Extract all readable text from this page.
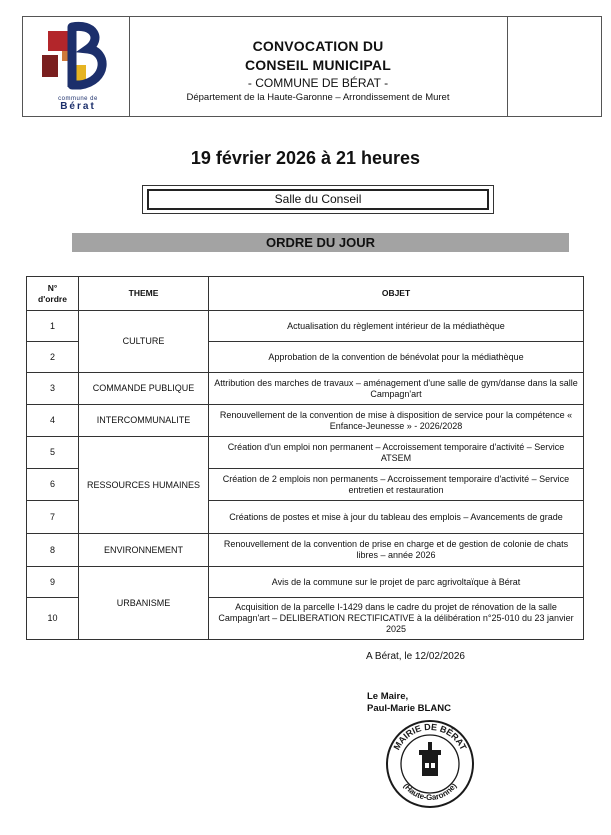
commune de
Bérat
CONVOCATION DU
CONSEIL MUNICIPAL
- COMMUNE DE BÉRAT -
Département de la Haute-Garonne – Arrondissement de Muret
19 février 2026 à 21 heures
Salle du Conseil
ORDRE DU JOUR
N°
d'ordre	THEME	OBJET
1	CULTURE	Actualisation du règlement intérieur de la médiathèque
2		Approbation de la convention de bénévolat pour la médiathèque
3	COMMANDE PUBLIQUE	Attribution des marches de travaux – aménagement d'une salle de gym/danse dans la salle Campagn'art
4	INTERCOMMUNALITE	Renouvellement de la convention de mise à disposition de service pour la compétence « Enfance-Jeunesse » - 2026/2028
5	RESSOURCES HUMAINES	Création d'un emploi non permanent – Accroissement temporaire d'activité – Service ATSEM
6		Création de 2 emplois non permanents – Accroissement temporaire d'activité – Service entretien et restauration
7		Créations de postes et mise à jour du tableau des emplois – Avancements de grade
8	ENVIRONNEMENT	Renouvellement de la convention de prise en charge et de gestion de colonie de chats libres – année 2026
9	URBANISME	Avis de la commune sur le projet de parc agrivoltaïque à Bérat
10		Acquisition de la parcelle I-1429 dans le cadre du projet de rénovation de la salle Campagn'art – DELIBERATION RECTIFICATIVE à la délibération n°25-010 du 23 janvier 2025
A Bérat, le 12/02/2026
Le Maire,
Paul-Marie BLANC
MAIRIE DE BÉRAT
(Haute-Garonne)
